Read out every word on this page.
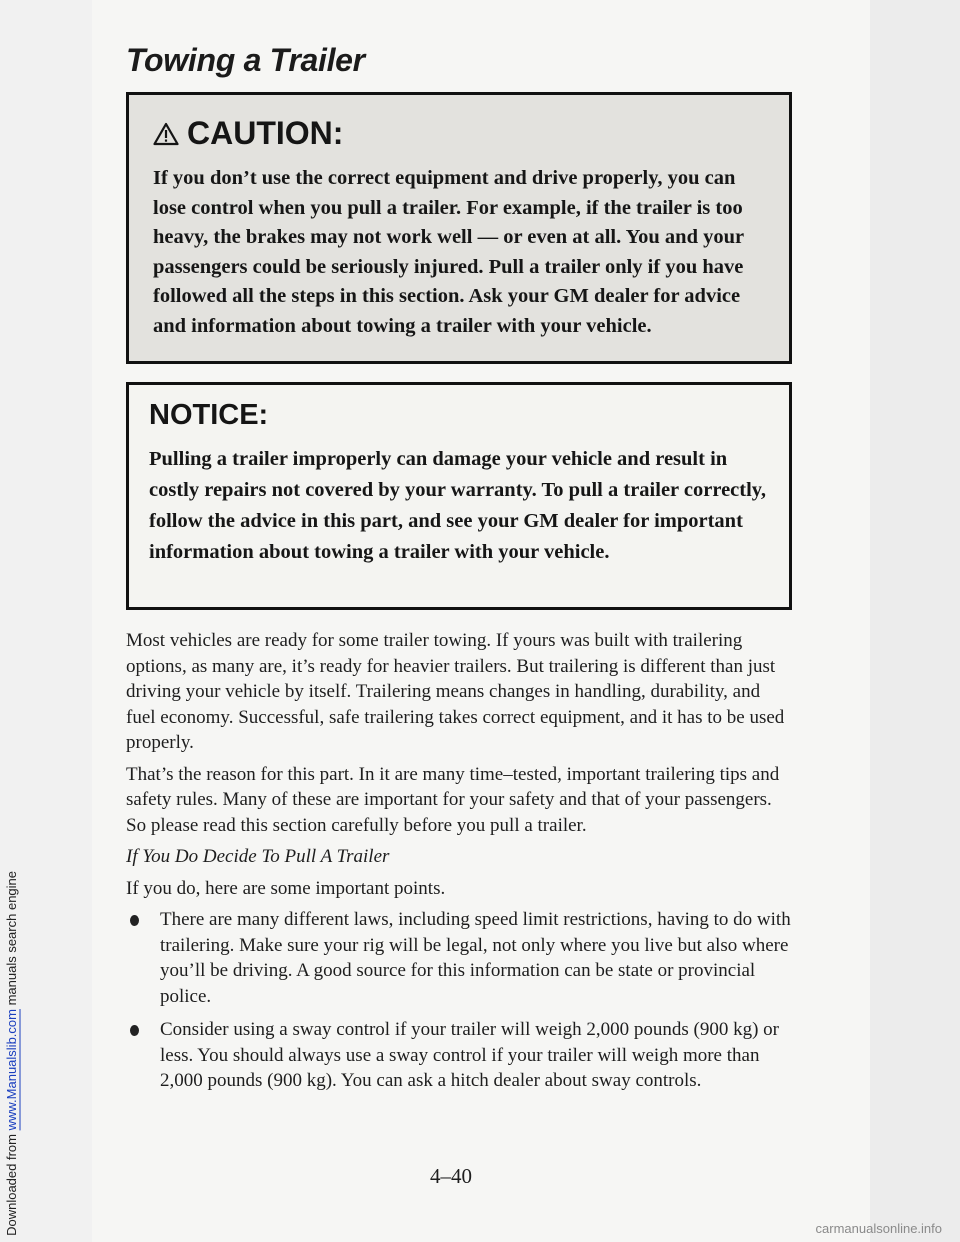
Downloaded from www.Manualslib.com manuals search engine
Towing a Trailer
CAUTION:

If you don’t use the correct equipment and drive properly, you can lose control when you pull a trailer. For example, if the trailer is too heavy, the brakes may not work well — or even at all. You and your passengers could be seriously injured. Pull a trailer only if you have followed all the steps in this section. Ask your GM dealer for advice and information about towing a trailer with your vehicle.

NOTICE:

Pulling a trailer improperly can damage your vehicle and result in costly repairs not covered by your warranty. To pull a trailer correctly, follow the advice in this part, and see your GM dealer for important information about towing a trailer with your vehicle.

Most vehicles are ready for some trailer towing. If yours was built with trailering options, as many are, it’s ready for heavier trailers. But trailering is different than just driving your vehicle by itself. Trailering means changes in handling, durability, and fuel economy. Successful, safe trailering takes correct equipment, and it has to be used properly.

That’s the reason for this part. In it are many time–tested, important trailering tips and safety rules. Many of these are important for your safety and that of your passengers. So please read this section carefully before you pull a trailer.

If You Do Decide To Pull A Trailer

If you do, here are some important points.

There are many different laws, including speed limit restrictions, having to do with trailering. Make sure your rig will be legal, not only where you live but also where you’ll be driving. A good source for this information can be state or provincial police.
Consider using a sway control if your trailer will weigh 2,000 pounds (900 kg) or less. You should always use a sway control if your trailer will weigh more than 2,000 pounds (900 kg). You can ask a hitch dealer about sway controls.
4–40
carmanualsonline.info
